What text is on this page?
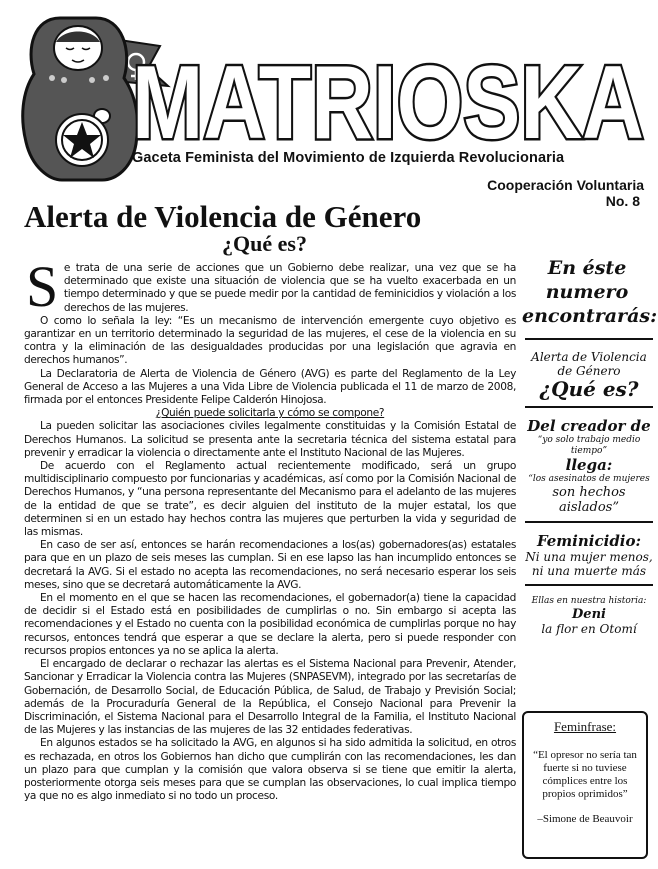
MATRIOSKA
MATRIOSKA
Gaceta Feminista del Movimiento de Izquierda Revolucionaria
Cooperación Voluntaria
No. 8
Alerta de Violencia de Género
¿Qué es?
S e trata de una serie de acciones que un Gobierno debe realizar, una vez que se ha determinado que existe una situación de violencia que se ha vuelto exacerbada en un tiempo determinado y que se puede medir por la cantidad de feminicidios y violación a los derechos de las mujeres.

O como lo señala la ley: “Es un mecanismo de intervención emergente cuyo objetivo es garantizar en un territorio determinado la seguridad de las mujeres, el cese de la violencia en su contra y la eliminación de las desigualdades producidas por una legislación que agravia en derechos humanos”.

La Declaratoria de Alerta de Violencia de Género (AVG) es parte del Reglamento de la Ley General de Acceso a las Mujeres a una Vida Libre de Violencia publicada el 11 de marzo de 2008, firmada por el entonces Presidente Felipe Calderón Hinojosa.

¿Quién puede solicitarla y cómo se compone?

La pueden solicitar las asociaciones civiles legalmente constituidas y la Comisión Estatal de Derechos Humanos. La solicitud se presenta ante la secretaria técnica del sistema estatal para prevenir y erradicar la violencia o directamente ante el Instituto Nacional de las Mujeres.

De acuerdo con el Reglamento actual recientemente modificado, será un grupo multidisciplinario compuesto por funcionarias y académicas, así como por la Comisión Nacional de Derechos Humanos, y “una persona representante del Mecanismo para el adelanto de las mujeres de la entidad de que se trate”, es decir alguien del instituto de la mujer estatal, los que determinen si en un estado hay hechos contra las mujeres que perturben la vida y seguridad de las mismas.

En caso de ser así, entonces se harán recomendaciones a los(as) gobernadores(as) estatales para que en un plazo de seis meses las cumplan. Si en ese lapso las han incumplido entonces se decretará la AVG. Si el estado no acepta las recomendaciones, no será necesario esperar los seis meses, sino que se decretará automáticamente la AVG.

En el momento en el que se hacen las recomendaciones, el gobernador(a) tiene la capacidad de decidir si el Estado está en posibilidades de cumplirlas o no. Sin embargo si acepta las recomendaciones y el Estado no cuenta con la posibilidad económica de cumplirlas porque no hay recursos, entonces tendrá que esperar a que se declare la alerta, pero si puede responder con recursos propios entonces ya no se aplica la alerta.

El encargado de declarar o rechazar las alertas es el Sistema Nacional para Prevenir, Atender, Sancionar y Erradicar la Violencia contra las Mujeres (SNPASEVM), integrado por las secretarías de Gobernación, de Desarrollo Social, de Educación Pública, de Salud, de Trabajo y Previsión Social; además de la Procuraduría General de la República, el Consejo Nacional para Prevenir la Discriminación, el Sistema Nacional para el Desarrollo Integral de la Familia, el Instituto Nacional de las Mujeres y las instancias de las mujeres de las 32 entidades federativas.

En algunos estados se ha solicitado la AVG, en algunos si ha sido admitida la solicitud, en otros es rechazada, en otros los Gobiernos han dicho que cumplirán con las recomendaciones, les dan un plazo para que cumplan y la comisión que valora observa si se tiene que emitir la alerta, posteriormente otorga seis meses para que se cumplan las observaciones, lo cual implica tiempo ya que no es algo inmediato si no todo un proceso.

En éste numero
encontrarás:
Alerta de Violencia
de Género
¿Qué es?
Del creador de
“yo solo trabajo medio tiempo”
llega:
“los asesinatos de mujeres
son hechos aislados”
Feminicidio:
Ni una mujer menos,
ni una muerte más
Ellas en nuestra historia:
Deni
la flor en Otomí
Feminfrase:
“El opresor no sería tan fuerte si no tuviese cómplices entre los propios oprimidos”
–Simone de Beauvoir
